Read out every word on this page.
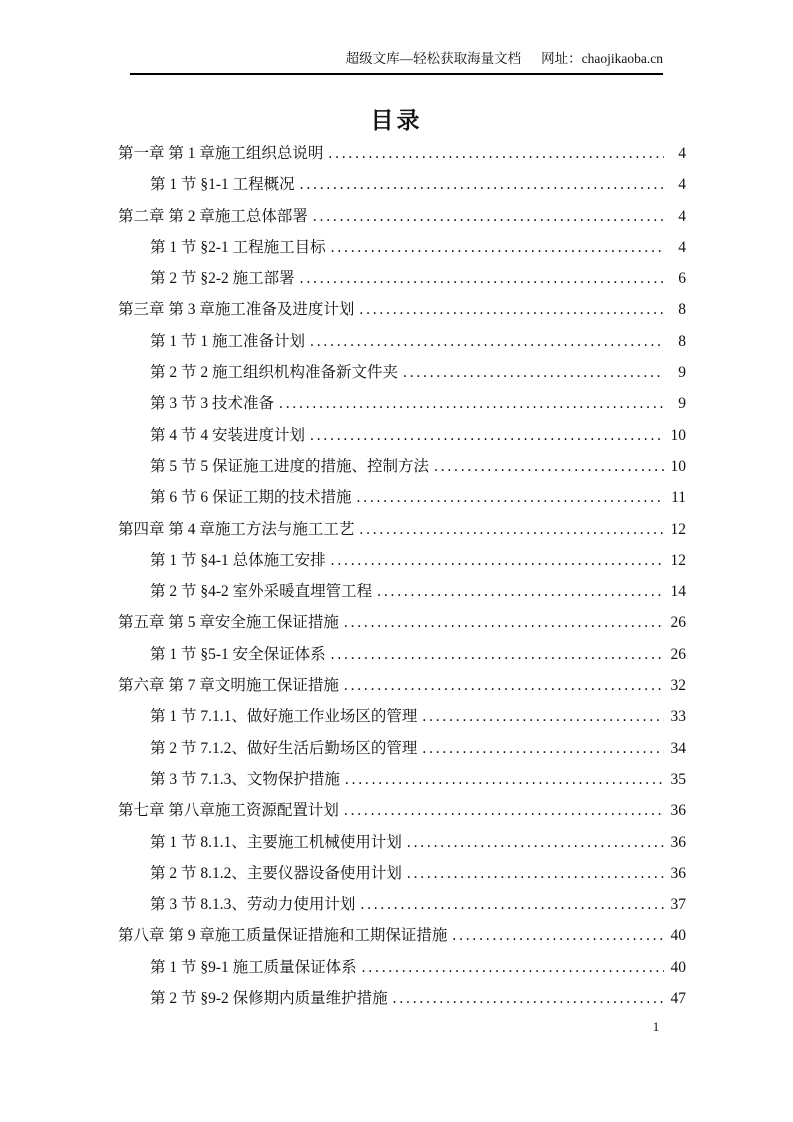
超级文库—轻松获取海量文档 网址：chaojikaoba.cn
目录
第一章 第 1 章施工组织总说明 .....	4
第 1 节 §1-1 工程概况 .....	4
第二章 第 2 章施工总体部署 .....	4
第 1 节 §2-1 工程施工目标 .....	4
第 2 节 §2-2 施工部署 .....	6
第三章 第 3 章施工准备及进度计划 .....	8
第 1 节 1 施工准备计划 .....	8
第 2 节 2 施工组织机构准备新文件夹 .....	9
第 3 节 3 技术准备 .....	9
第 4 节 4 安装进度计划 .....	10
第 5 节 5 保证施工进度的措施、控制方法 .....	10
第 6 节 6 保证工期的技术措施 .....	11
第四章 第 4 章施工方法与施工工艺 .....	12
第 1 节 §4-1 总体施工安排 .....	12
第 2 节 §4-2 室外采暖直埋管工程 .....	14
第五章 第 5 章安全施工保证措施 .....	26
第 1 节 §5-1 安全保证体系 .....	26
第六章 第 7 章文明施工保证措施 .....	32
第 1 节 7.1.1、做好施工作业场区的管理 .....	33
第 2 节 7.1.2、做好生活后勤场区的管理 .....	34
第 3 节 7.1.3、文物保护措施 .....	35
第七章 第八章施工资源配置计划 .....	36
第 1 节 8.1.1、主要施工机械使用计划 .....	36
第 2 节 8.1.2、主要仪器设备使用计划 .....	36
第 3 节 8.1.3、劳动力使用计划 .....	37
第八章 第 9 章施工质量保证措施和工期保证措施 .....	40
第 1 节 §9-1 施工质量保证体系 .....	40
第 2 节 §9-2 保修期内质量维护措施 .....	47
1
